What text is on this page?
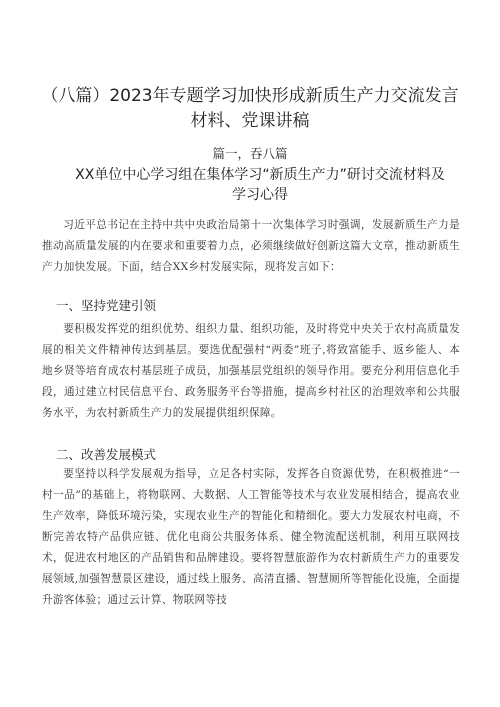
（八篇）2023年专题学习加快形成新质生产力交流发言材料、党课讲稿

篇一，吞八篇

XX单位中心学习组在集体学习“新质生产力”研讨交流材料及学习心得

习近平总书记在主持中共中央政治局第十一次集体学习时强调，发展新质生产力是推动高质量发展的内在要求和重要着力点，必须继续做好创新这篇大文章，推动新质生产力加快发展。下面，结合XX乡村发展实际，现将发言如下：

一、坚持党建引领

要积极发挥党的组织优势、组织力量、组织功能，及时将党中央关于农村高质量发展的相关文件精神传达到基层。要选优配强村“两委”班子,将致富能手、返乡能人、本地乡贤等培育成农村基层班子成员，加强基层党组织的领导作用。要充分利用信息化手段，通过建立村民信息平台、政务服务平台等措施，提高乡村社区的治理效率和公共服务水平，为农村新质生产力的发展提供组织保障。

二、改善发展模式

要坚持以科学发展观为指导，立足各村实际，发挥各自资源优势，在积极推进“一村一品”的基础上，将物联网、大数据、人工智能等技术与农业发展相结合，提高农业生产效率，降低环境污染，实现农业生产的智能化和精细化。要大力发展农村电商，不断完善农特产品供应链、优化电商公共服务体系、健全物流配送机制，利用互联网技术，促进农村地区的产品销售和品牌建设。要将智慧旅游作为农村新质生产力的重要发展领域,加强智慧景区建设，通过线上服务、高清直播、智慧厕所等智能化设施，全面提升游客体验；通过云计算、物联网等技
